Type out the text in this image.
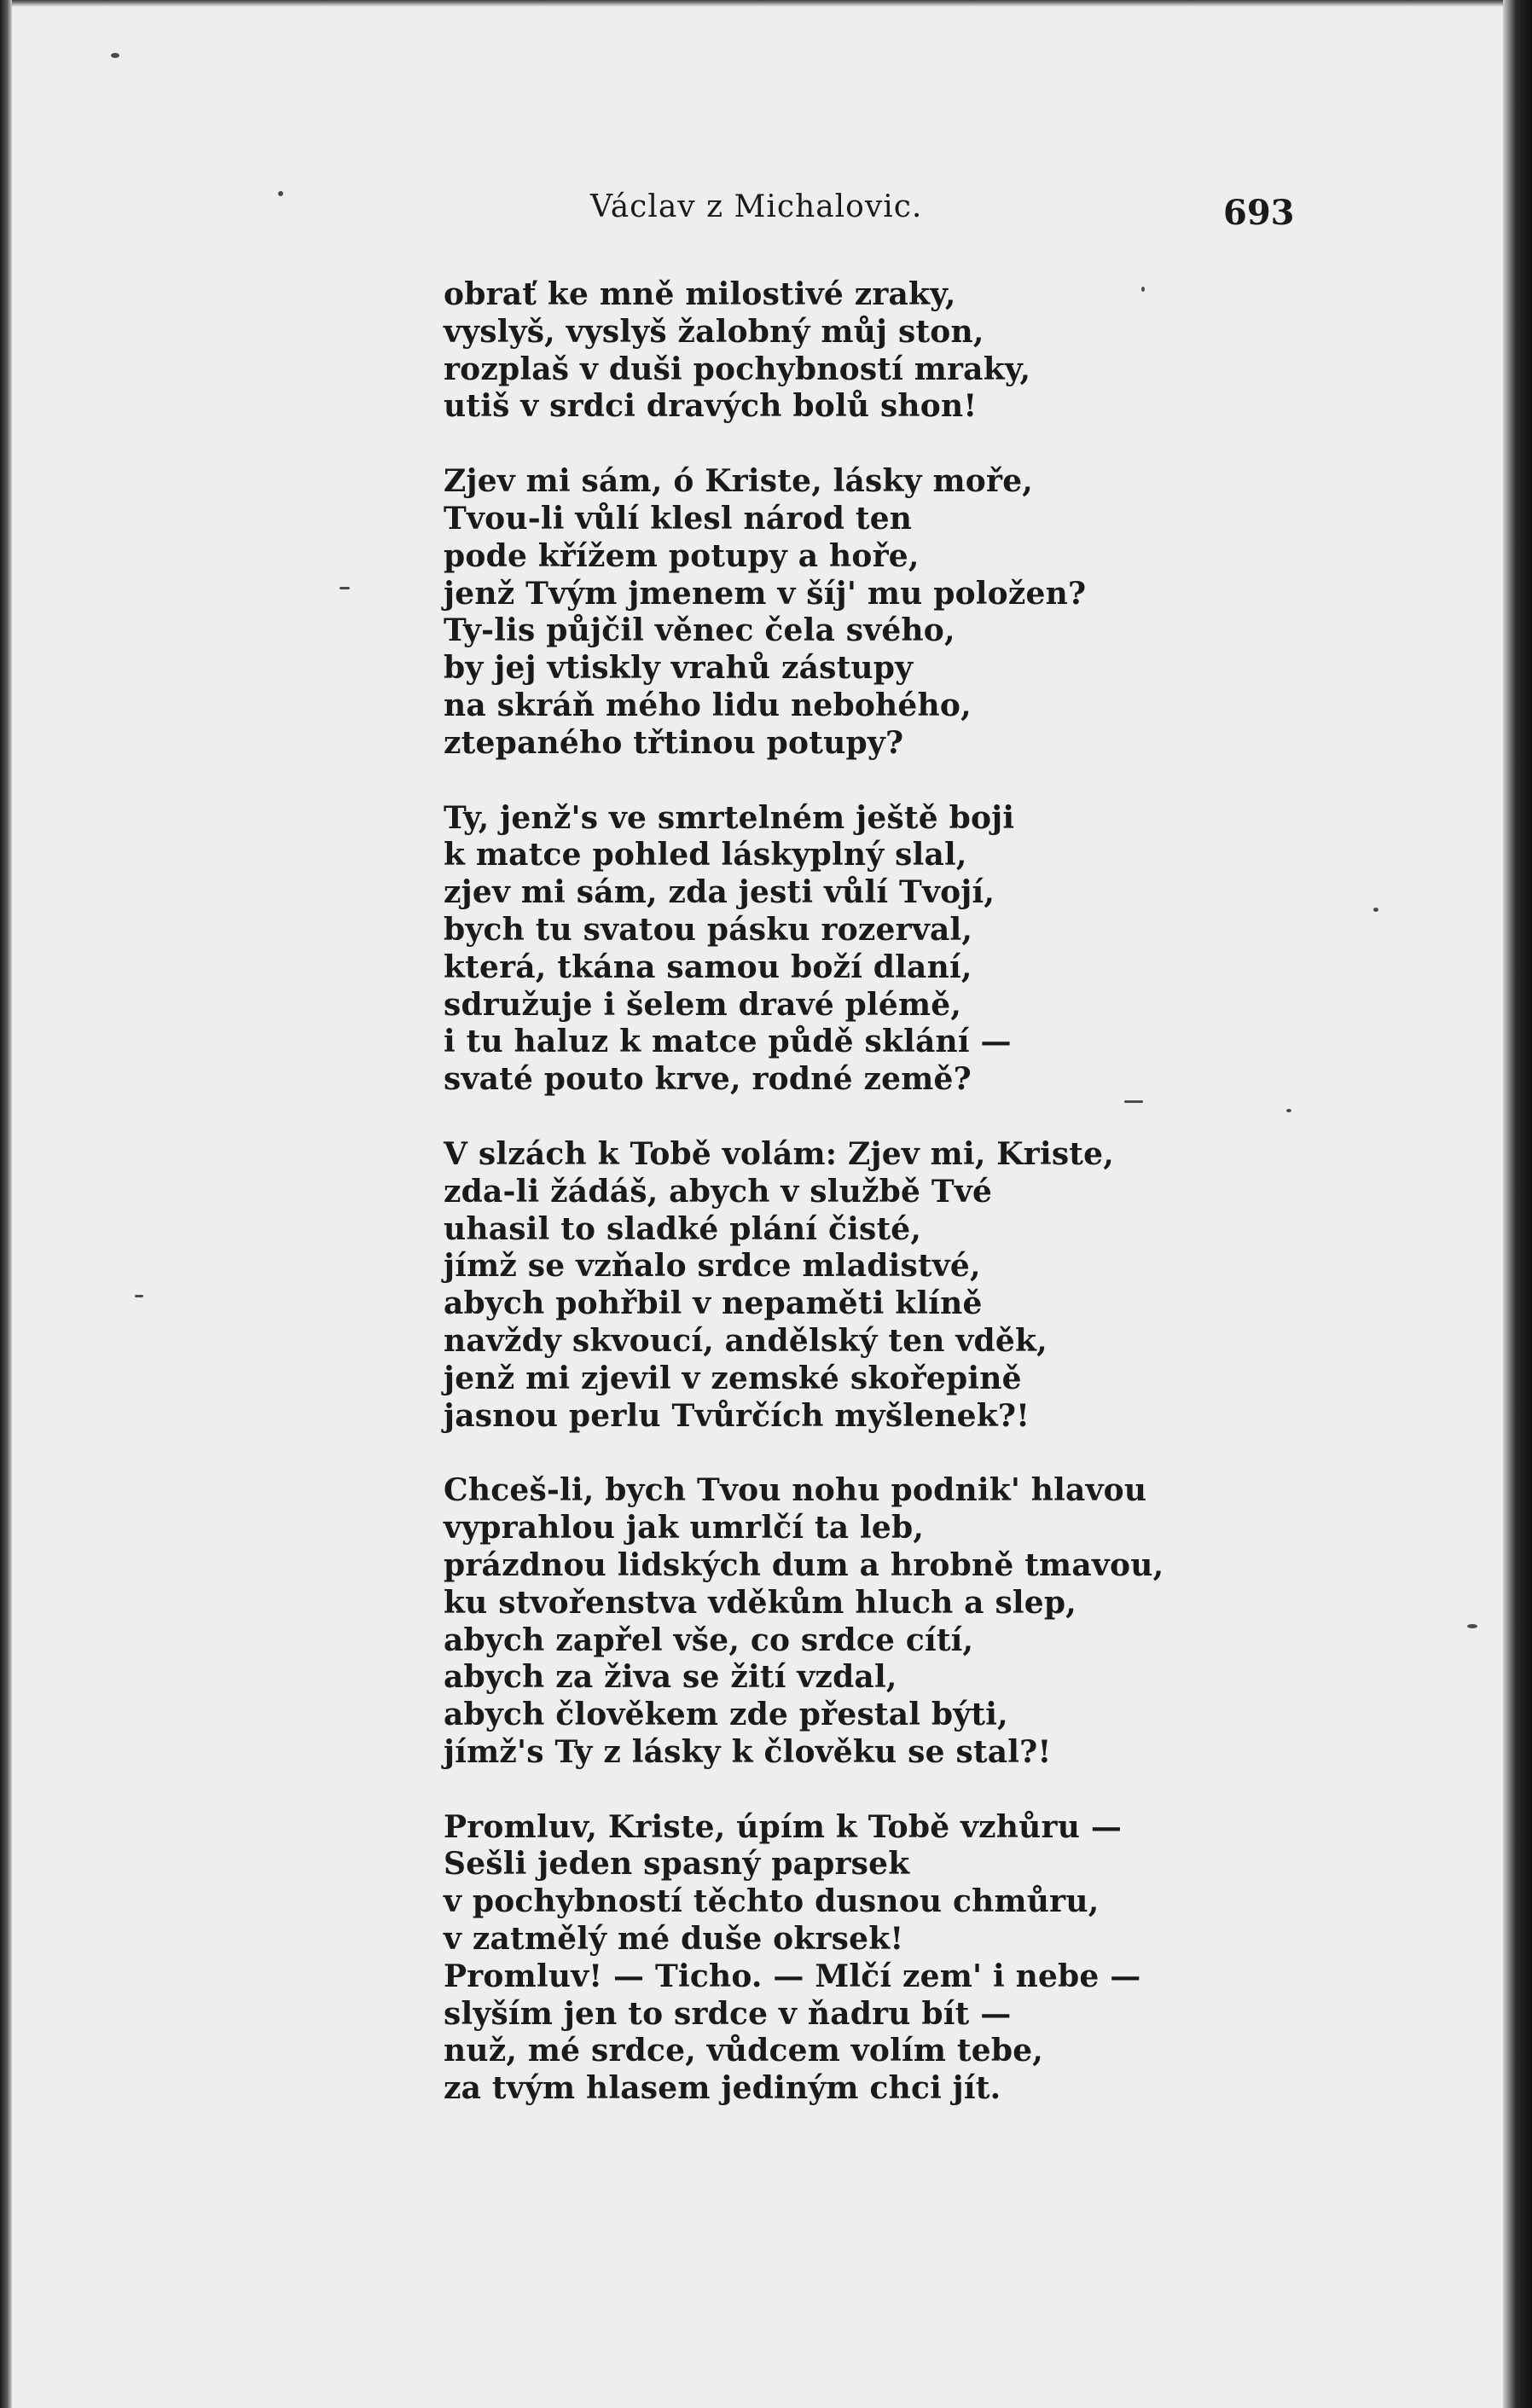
Václav z Michalovic.	693
obrať ke mně milostivé zraky,
vyslyš, vyslyš žalobný můj ston,
rozplaš v duši pochybností mraky,
utiš v srdci dravých bolů shon!
Zjev mi sám, ó Kriste, lásky moře,
Tvou-li vůlí klesl národ ten
pode křížem potupy a hoře,
jenž Tvým jmenem v šíj' mu položen?
Ty-lis půjčil věnec čela svého,
by jej vtiskly vrahů zástupy
na skráň mého lidu nebohého,
ztepaného třtinou potupy?
Ty, jenž's ve smrtelném ještě boji
k matce pohled láskyplný slal,
zjev mi sám, zda jesti vůlí Tvojí,
bych tu svatou pásku rozerval,
která, tkána samou boží dlaní,
sdružuje i šelem dravé plémě,
i tu haluz k matce půdě sklání —
svaté pouto krve, rodné země?
V slzách k Tobě volám: Zjev mi, Kriste,
zda-li žádáš, abych v službě Tvé
uhasil to sladké plání čisté,
jímž se vzňalo srdce mladistvé,
abych pohřbil v nepaměti klíně
navždy skvoucí, andělský ten vděk,
jenž mi zjevil v zemské skořepině
jasnou perlu Tvůrčích myšlenek?!
Chceš-li, bych Tvou nohu podnik' hlavou
vyprahlou jak umrlčí ta leb,
prázdnou lidských dum a hrobně tmavou,
ku stvořenstva vděkům hluch a slep,
abych zapřel vše, co srdce cítí,
abych za živa se žití vzdal,
abych člověkem zde přestal býti,
jímž's Ty z lásky k člověku se stal?!
Promluv, Kriste, úpím k Tobě vzhůru —
Sešli jeden spasný paprsek
v pochybností těchto dusnou chmůru,
v zatmělý mé duše okrsek!
Promluv! — Ticho. — Mlčí zem' i nebe —
slyším jen to srdce v ňadru bít —
nuž, mé srdce, vůdcem volím tebe,
za tvým hlasem jediným chci jít.
